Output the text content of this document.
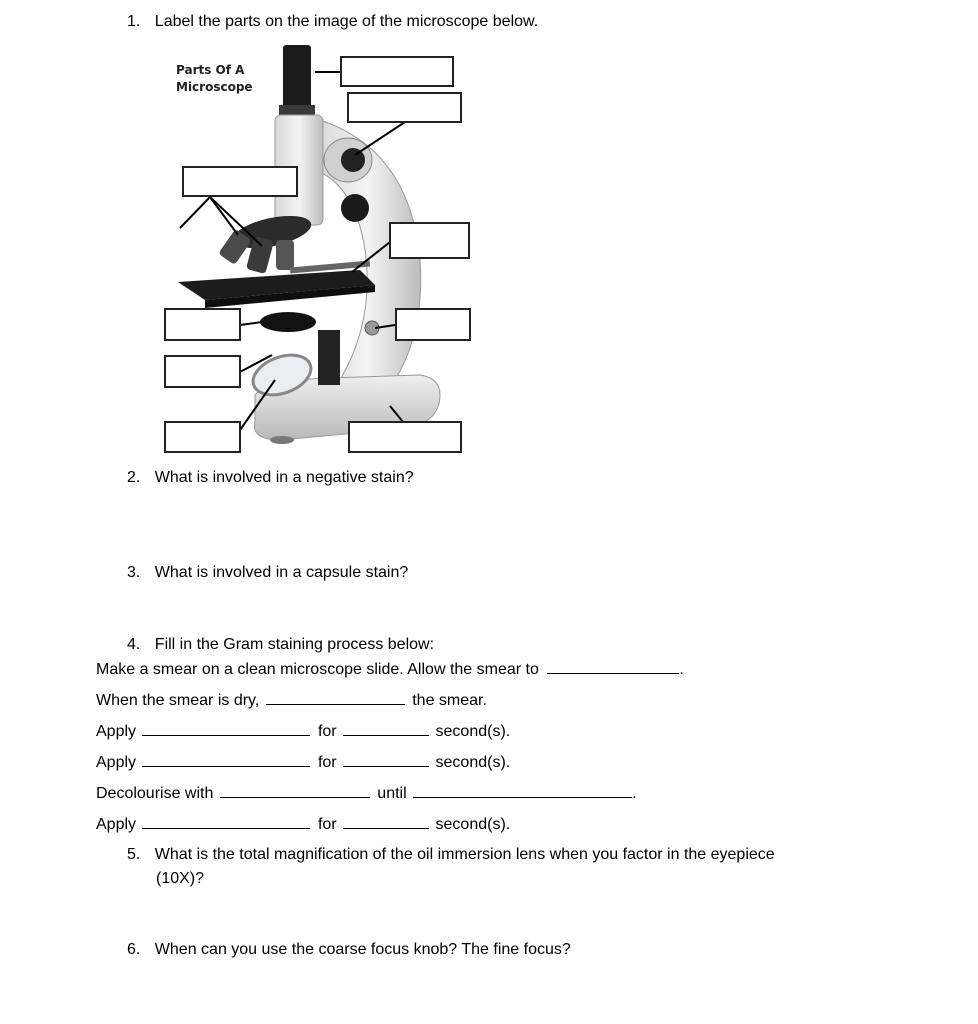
1. Label the parts on the image of the microscope below.
Parts Of A
Microscope
2. What is involved in a negative stain?
3. What is involved in a capsule stain?
4. Fill in the Gram staining process below:
Make a smear on a clean microscope slide. Allow the smear to	.
When the smear is dry,	the smear.
Apply	for	second(s).
Apply	for	second(s).
Decolourise with	until	.
Apply	for	second(s).
5. What is the total magnification of the oil immersion lens when you factor in the eyepiece
(10X)?
6. When can you use the coarse focus knob? The fine focus?
